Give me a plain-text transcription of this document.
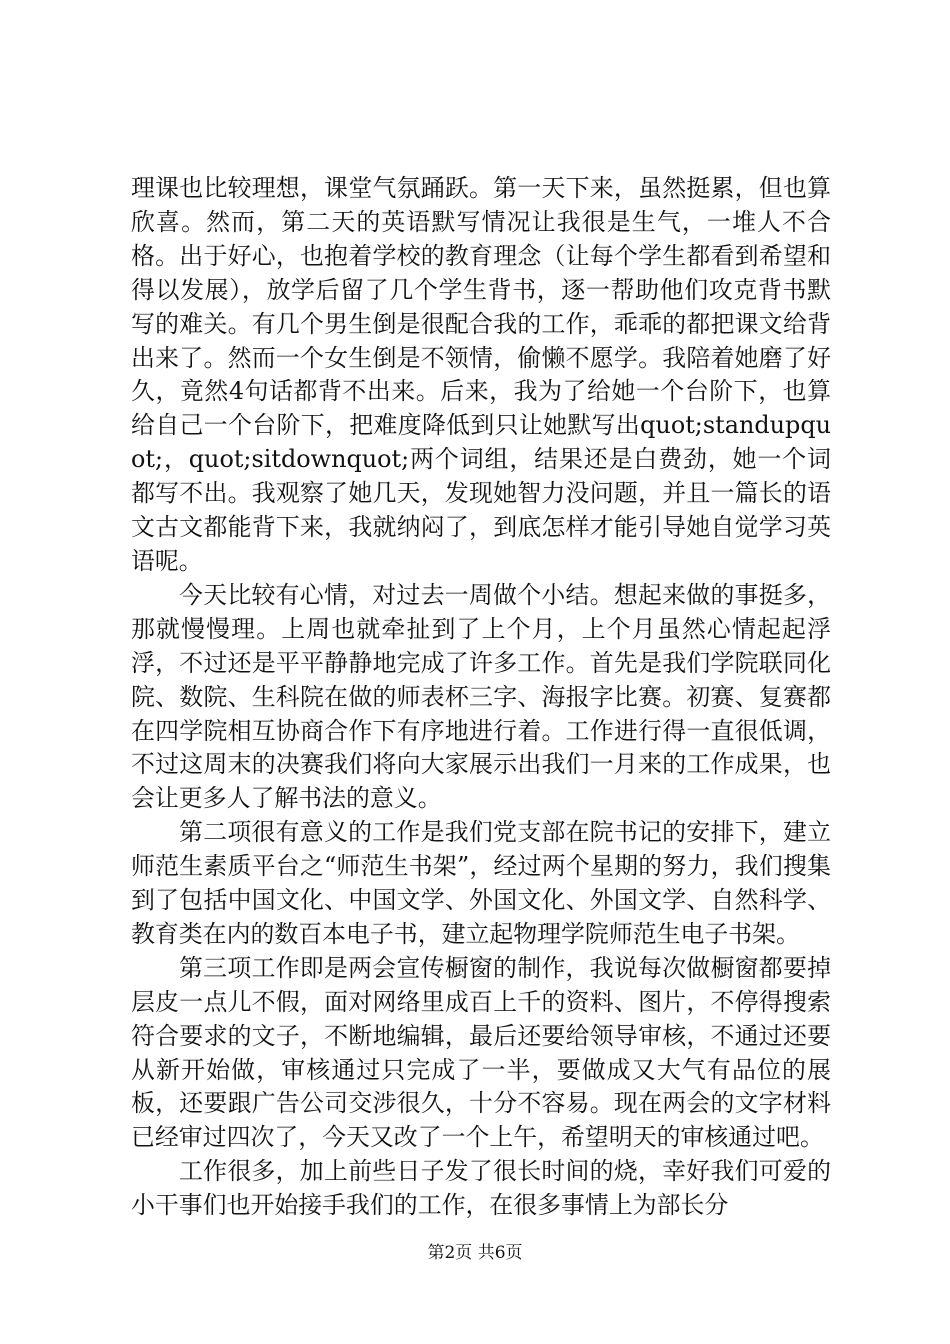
理课也比较理想，课堂气氛踊跃。第一天下来，虽然挺累，但也算欣喜。然而，第二天的英语默写情况让我很是生气，一堆人不合格。出于好心，也抱着学校的教育理念（让每个学生都看到希望和得以发展），放学后留了几个学生背书，逐一帮助他们攻克背书默写的难关。有几个男生倒是很配合我的工作，乖乖的都把课文给背出来了。然而一个女生倒是不领情，偷懒不愿学。我陪着她磨了好久，竟然4句话都背不出来。后来，我为了给她一个台阶下，也算给自己一个台阶下，把难度降低到只让她默写出quot;standupquot;，quot;sitdownquot;两个词组，结果还是白费劲，她一个词都写不出。我观察了她几天，发现她智力没问题，并且一篇长的语文古文都能背下来，我就纳闷了，到底怎样才能引导她自觉学习英语呢。

今天比较有心情，对过去一周做个小结。想起来做的事挺多，那就慢慢理。上周也就牵扯到了上个月，上个月虽然心情起起浮浮，不过还是平平静静地完成了许多工作。首先是我们学院联同化院、数院、生科院在做的师表杯三字、海报字比赛。初赛、复赛都在四学院相互协商合作下有序地进行着。工作进行得一直很低调，不过这周末的决赛我们将向大家展示出我们一月来的工作成果，也会让更多人了解书法的意义。

第二项很有意义的工作是我们党支部在院书记的安排下，建立师范生素质平台之“师范生书架”，经过两个星期的努力，我们搜集到了包括中国文化、中国文学、外国文化、外国文学、自然科学、教育类在内的数百本电子书，建立起物理学院师范生电子书架。

第三项工作即是两会宣传橱窗的制作，我说每次做橱窗都要掉层皮一点儿不假，面对网络里成百上千的资料、图片，不停得搜索符合要求的文子，不断地编辑，最后还要给领导审核，不通过还要从新开始做，审核通过只完成了一半，要做成又大气有品位的展板，还要跟广告公司交涉很久，十分不容易。现在两会的文字材料已经审过四次了，今天又改了一个上午，希望明天的审核通过吧。

工作很多，加上前些日子发了很长时间的烧，幸好我们可爱的小干事们也开始接手我们的工作，在很多事情上为部长分

第2页 共6页
